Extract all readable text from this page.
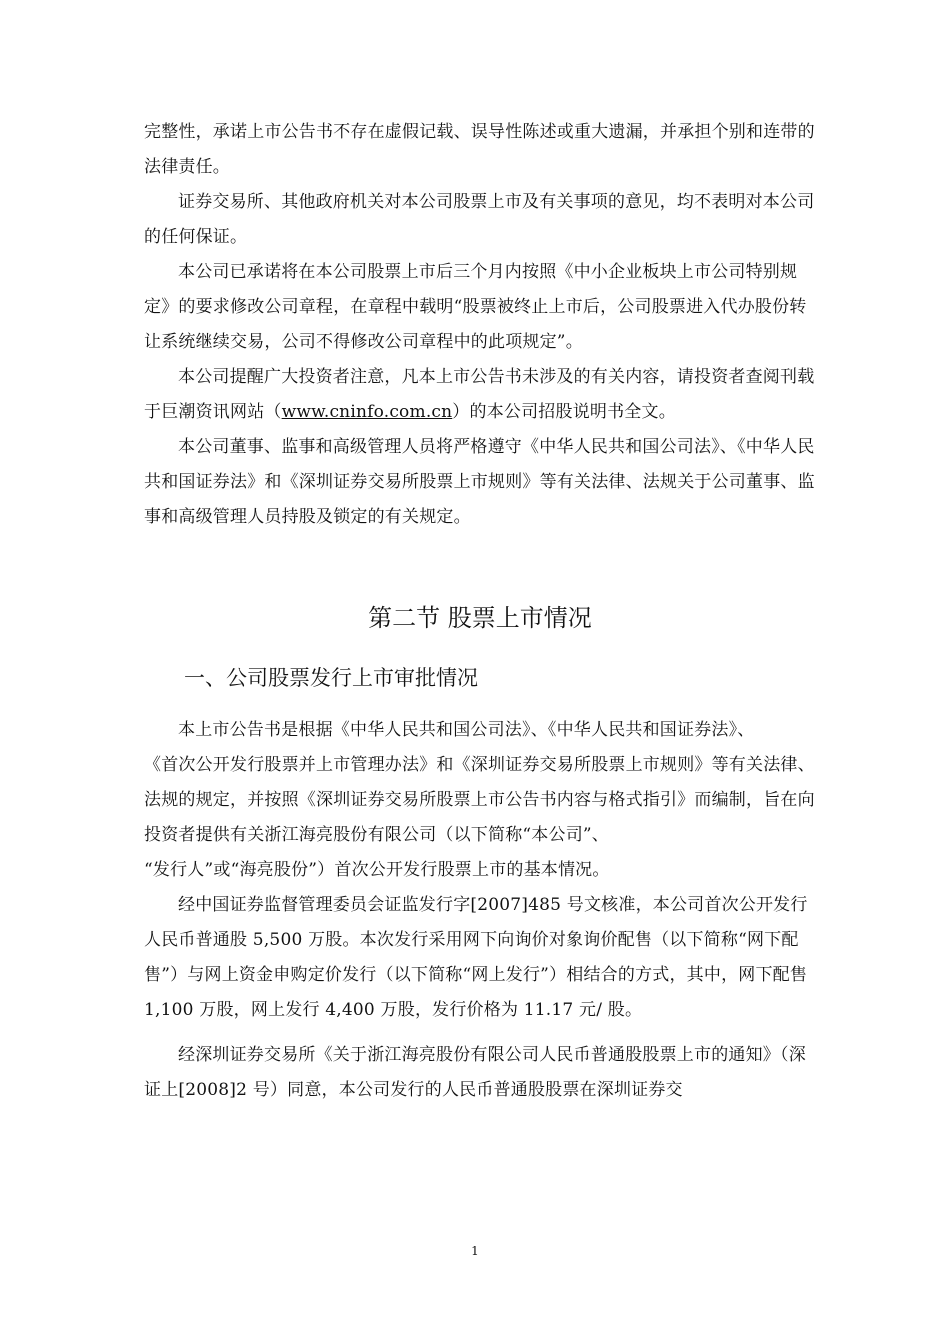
完整性，承诺上市公告书不存在虚假记载、误导性陈述或重大遗漏，并承担个别和连带的法律责任。

证券交易所、其他政府机关对本公司股票上市及有关事项的意见，均不表明对本公司的任何保证。

本公司已承诺将在本公司股票上市后三个月内按照《中小企业板块上市公司特别规定》的要求修改公司章程，在章程中载明“股票被终止上市后，公司股票进入代办股份转让系统继续交易，公司不得修改公司章程中的此项规定”。

本公司提醒广大投资者注意，凡本上市公告书未涉及的有关内容，请投资者查阅刊载于巨潮资讯网站（www.cninfo.com.cn）的本公司招股说明书全文。

本公司董事、监事和高级管理人员将严格遵守《中华人民共和国公司法》、《中华人民共和国证券法》和《深圳证券交易所股票上市规则》等有关法律、法规关于公司董事、监事和高级管理人员持股及锁定的有关规定。

第二节 股票上市情况
一、公司股票发行上市审批情况

本上市公告书是根据《中华人民共和国公司法》、《中华人民共和国证券法》、

《首次公开发行股票并上市管理办法》和《深圳证券交易所股票上市规则》等有关法律、法规的规定，并按照《深圳证券交易所股票上市公告书内容与格式指引》而编制，旨在向投资者提供有关浙江海亮股份有限公司（以下简称“本公司”、

“发行人”或“海亮股份”）首次公开发行股票上市的基本情况。

经中国证券监督管理委员会证监发行字[2007]485 号文核准，本公司首次公开发行人民币普通股 5,500 万股。本次发行采用网下向询价对象询价配售（以下简称“网下配售”）与网上资金申购定价发行（以下简称“网上发行”）相结合的方式，其中，网下配售 1,100 万股，网上发行 4,400 万股，发行价格为 11.17 元/ 股。

经深圳证券交易所《关于浙江海亮股份有限公司人民币普通股股票上市的通知》（深证上[2008]2 号）同意，本公司发行的人民币普通股股票在深圳证券交

1
